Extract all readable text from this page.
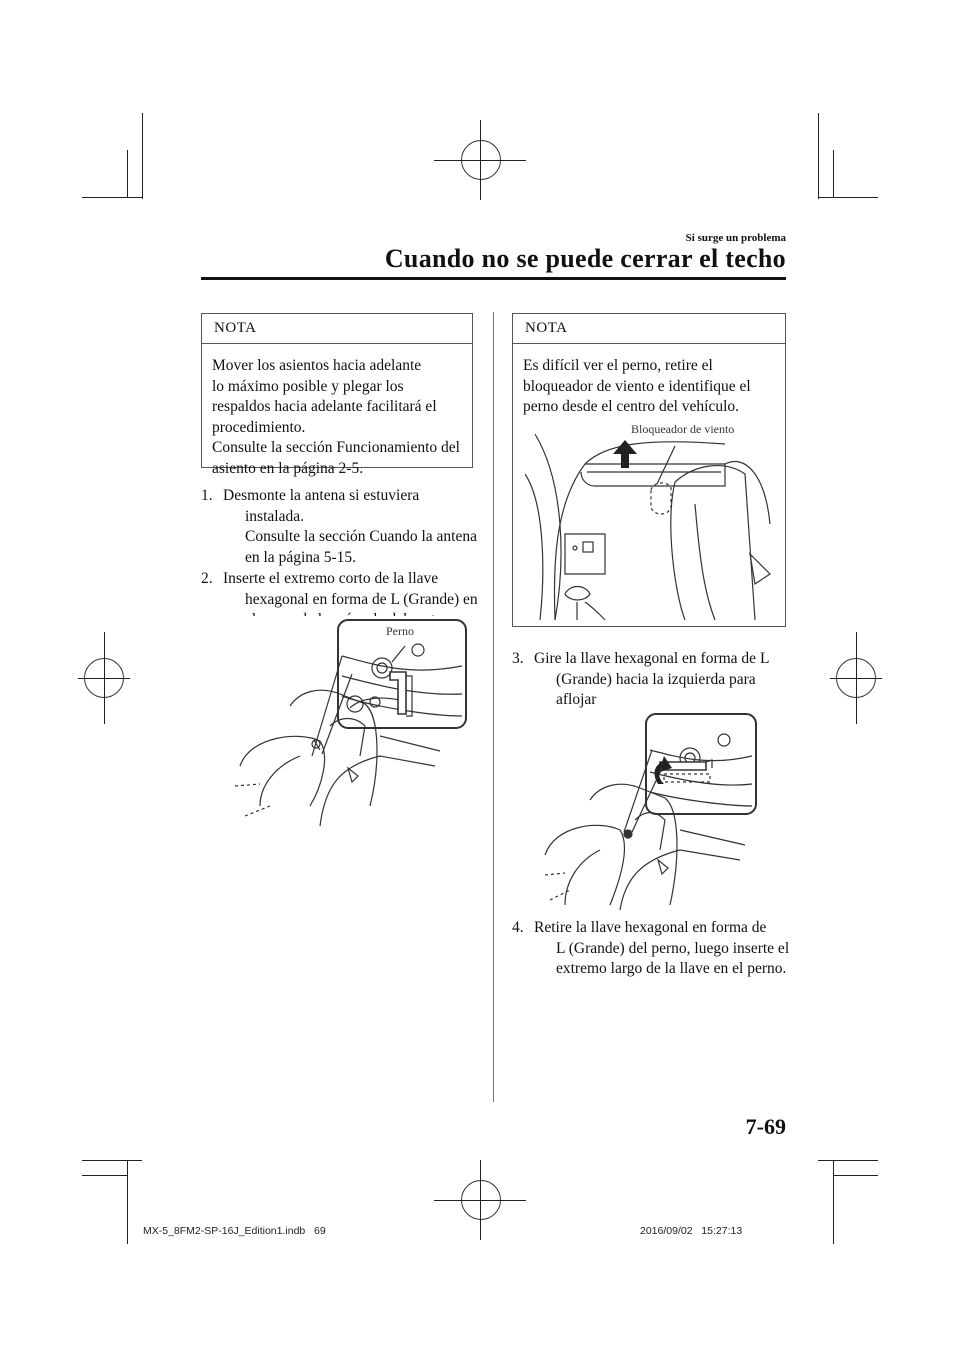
Si surge un problema
Cuando no se puede cerrar el techo
NOTA
Mover los asientos hacia adelante
lo máximo posible y plegar los
respaldos hacia adelante facilitará el
procedimiento.
Consulte la sección Funcionamiento del
asiento en la página 2-5.
1. Desmonte la antena si estuviera
instalada.
Consulte la sección Cuando la antena
en la página 5-15.
2. Inserte el extremo corto de la llave
hexagonal en forma de L (Grande) en
Perno
NOTA
Es difícil ver el perno, retire el
bloqueador de viento e identifique el
perno desde el centro del vehículo.
Bloqueador de viento
3. Gire la llave hexagonal en forma de L
(Grande) hacia la izquierda para aflojar
4. Retire la llave hexagonal en forma de
L (Grande) del perno, luego inserte el
extremo largo de la llave en el perno.
7-69
MX-5_8FM2-SP-16J_Edition1.indb   69	2016/09/02   15:27:13
